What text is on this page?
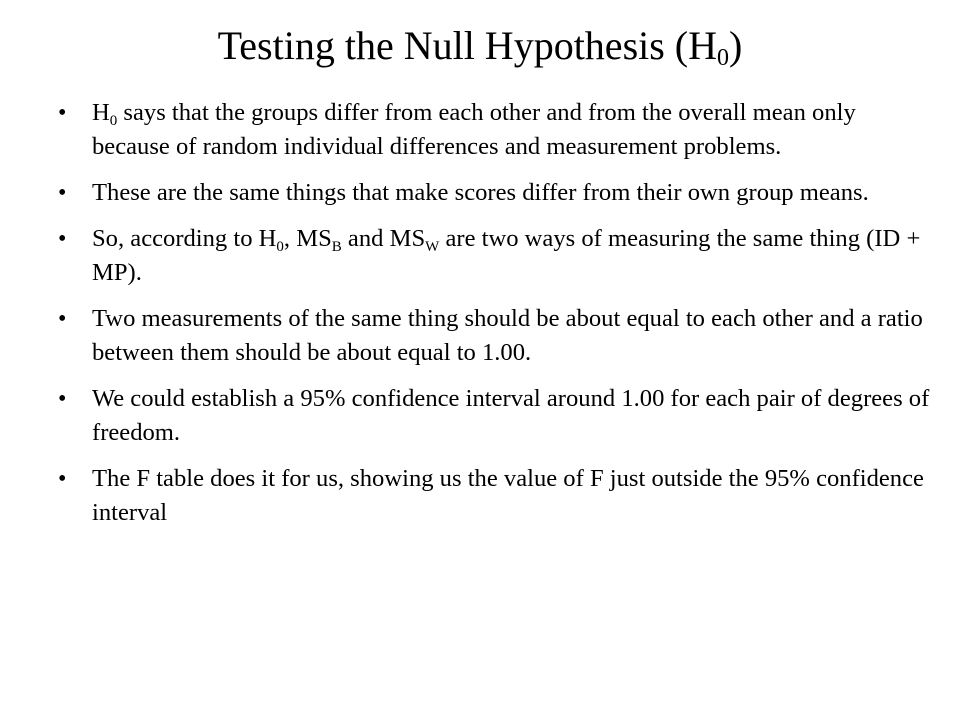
Testing the Null Hypothesis $(H_0)$
• $H_0$ says that the groups differ from each other and from the overall mean only because of random individual differences and measurement problems.
• These are the same things that make scores differ from their own group means.
• So, according to $H_0$, $MS_B$ and $MS_W$ are two ways of measuring the same thing (ID + MP).
• Two measurements of the same thing should be about equal to each other and a ratio between them should be about equal to 1.00.
• We could establish a 95% confidence interval around 1.00 for each pair of degrees of freedom.
• The F table does it for us, showing us the value of F just outside the 95% confidence interval
